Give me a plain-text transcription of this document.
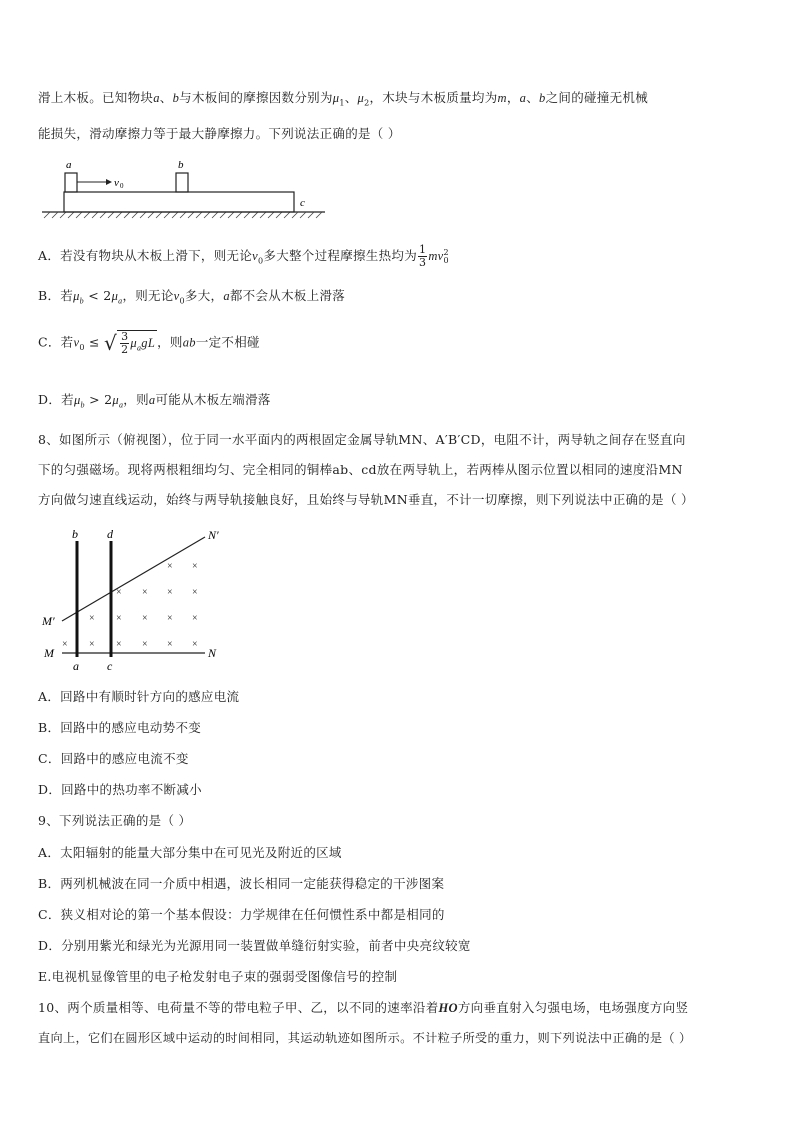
滑上木板。已知物块a、b与木板间的摩擦因数分别为$\mu_1$、$\mu_2$，木块与木板质量均为m，a、b之间的碰撞无机械
能损失，滑动摩擦力等于最大静摩擦力。下列说法正确的是（ ）
a	b
v 0
c
A．若没有物块从木板上滑下，则无论$v_0$多大整个过程摩擦生热均为 $\frac{1}{3}$ mv 2
0
B．若$\mu_b < 2\mu_a$，则无论$v_0$多大，a都不会从木板上滑落
C．若$v_0$ ≤ √ $\frac{3}{2} \mu_agL$ ，则ab一定不相碰
D．若$\mu_b > 2\mu_a$，则a可能从木板左端滑落
8、如图所示（俯视图），位于同一水平面内的两根固定金属导轨MN、A′B′CD，电阻不计，两导轨之间存在竖直向
下的匀强磁场。现将两根粗细均匀、完全相同的铜棒ab、cd放在两导轨上，若两棒从图示位置以相同的速度沿MN
方向做匀速直线运动，始终与两导轨接触良好，且始终与导轨MN垂直，不计一切摩擦，则下列说法中正确的是（ ）
b d	N′
M′
M	N
a c
× ×
× × × ×
× × × × ×
× × × × × ×
A．回路中有顺时针方向的感应电流
B．回路中的感应电动势不变
C．回路中的感应电流不变
D．回路中的热功率不断减小
9、下列说法正确的是（ ）
A．太阳辐射的能量大部分集中在可见光及附近的区域
B．两列机械波在同一介质中相遇，波长相同一定能获得稳定的干涉图案
C．狭义相对论的第一个基本假设：力学规律在任何惯性系中都是相同的
D．分别用紫光和绿光为光源用同一装置做单缝衍射实验，前者中央亮纹较宽
E.电视机显像管里的电子枪发射电子束的强弱受图像信号的控制
10、两个质量相等、电荷量不等的带电粒子甲、乙，以不同的速率沿着HO方向垂直射入匀强电场，电场强度方向竖
直向上，它们在圆形区域中运动的时间相同，其运动轨迹如图所示。不计粒子所受的重力，则下列说法中正确的是（ ）
